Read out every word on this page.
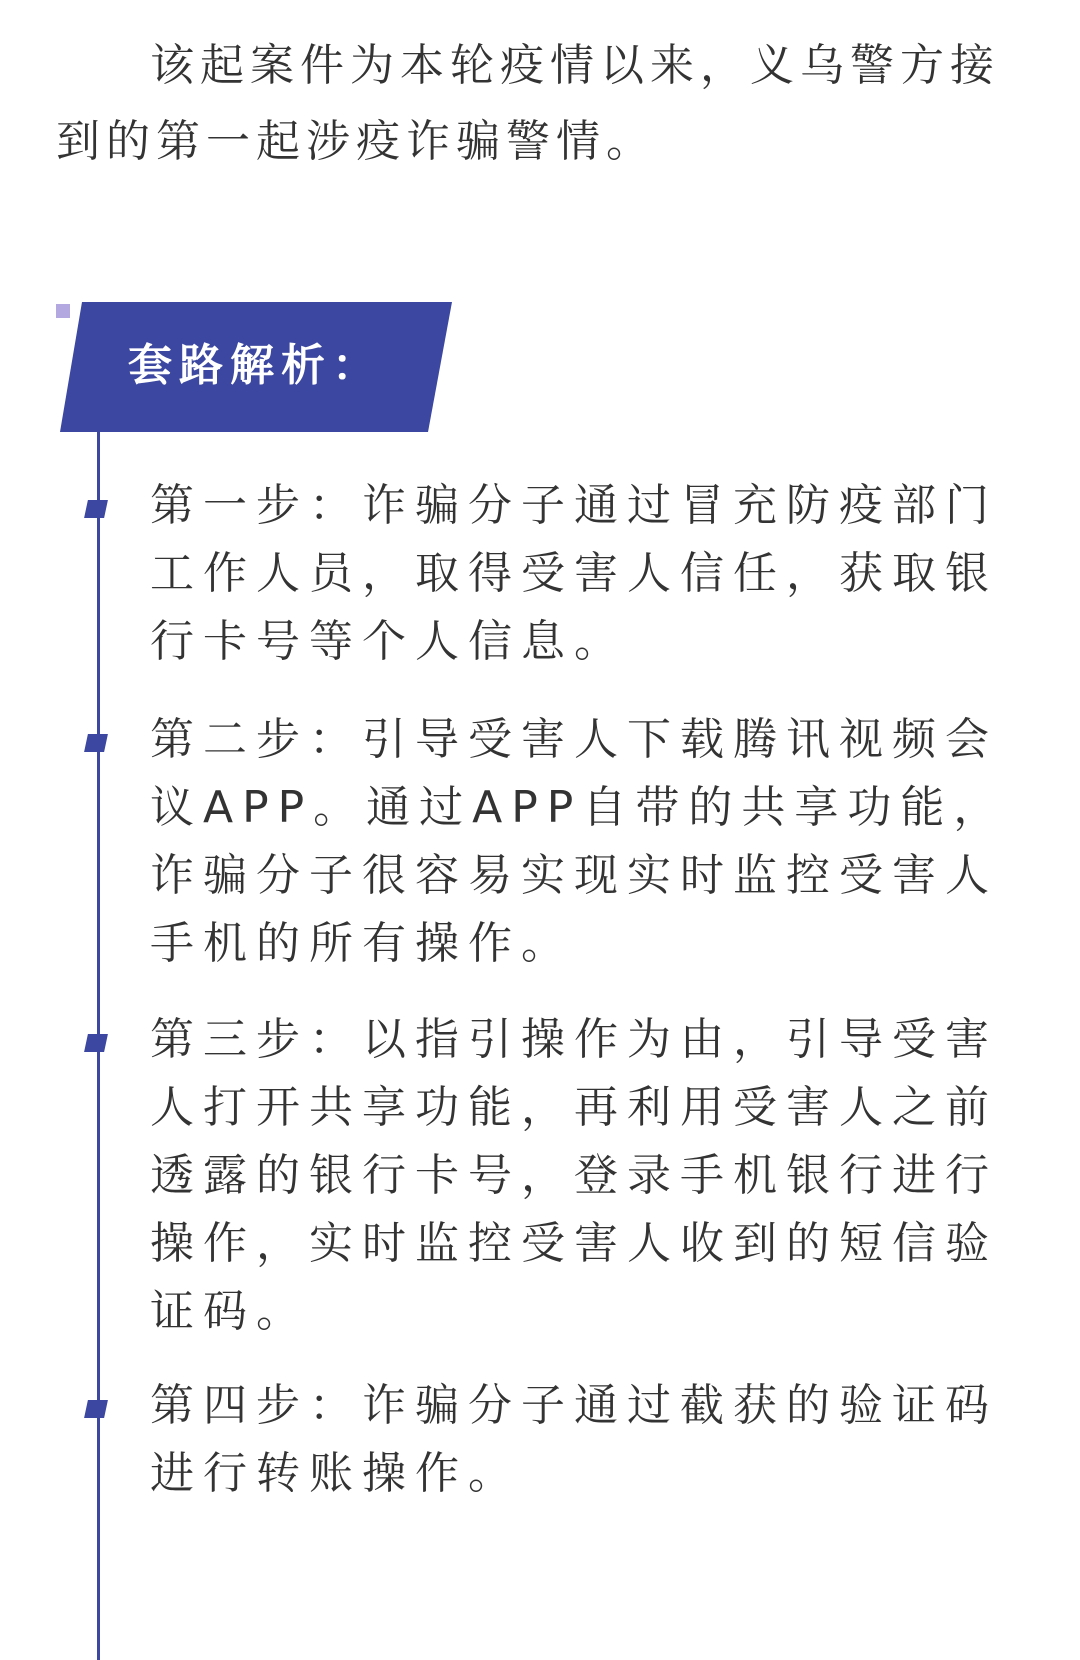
该起案件为本轮疫情以来，义乌警方接到的第一起涉疫诈骗警情。

套路解析：

第一步：诈骗分子通过冒充防疫部门工作人员，取得受害人信任，获取银行卡号等个人信息。

第二步：引导受害人下载腾讯视频会议APP。通过APP自带的共享功能，诈骗分子很容易实现实时监控受害人手机的所有操作。

第三步：以指引操作为由，引导受害人打开共享功能，再利用受害人之前透露的银行卡号，登录手机银行进行操作，实时监控受害人收到的短信验证码。

第四步：诈骗分子通过截获的验证码进行转账操作。
